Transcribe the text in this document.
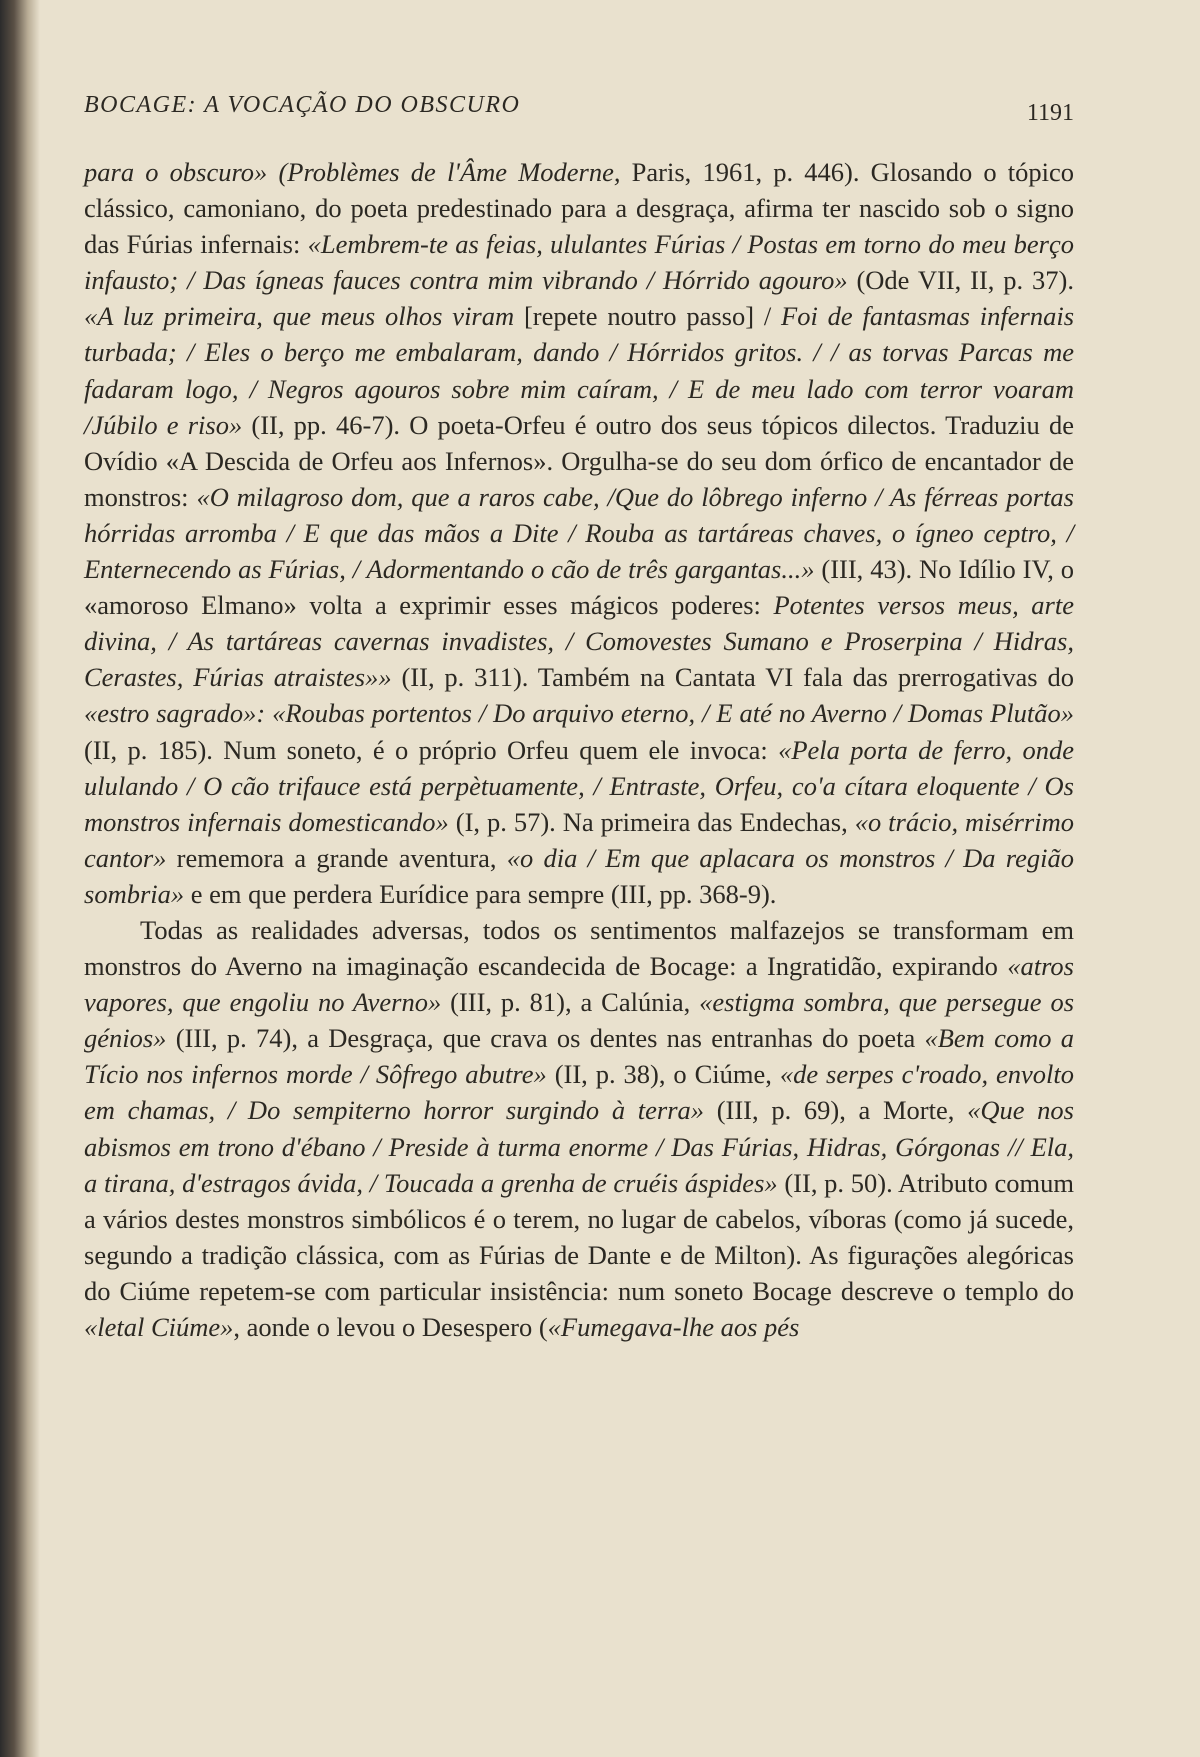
BOCAGE: A VOCAÇÃO DO OBSCURO	1191

para o obscuro» (Problèmes de l'Âme Moderne, Paris, 1961, p. 446). Glosando o tópico clássico, camoniano, do poeta predestinado para a desgraça, afirma ter nascido sob o signo das Fúrias infernais: «Lembrem-te as feias, ululantes Fúrias / Postas em torno do meu berço infausto; / Das ígneas fauces contra mim vibrando / Hórrido agouro» (Ode VII, II, p. 37). «A luz primeira, que meus olhos viram [repete noutro passo] / Foi de fantasmas infernais turbada; / Eles o berço me embalaram, dando / Hórridos gritos. / / as torvas Parcas me fadaram logo, / Negros agouros sobre mim caíram, / E de meu lado com terror voaram /Júbilo e riso» (II, pp. 46-7). O poeta-Orfeu é outro dos seus tópicos dilectos. Traduziu de Ovídio «A Descida de Orfeu aos Infernos». Orgulha-se do seu dom órfico de encantador de monstros: «O milagroso dom, que a raros cabe, /Que do lôbrego inferno / As férreas portas hórridas arromba / E que das mãos a Dite / Rouba as tartáreas chaves, o ígneo ceptro, / Enternecendo as Fúrias, / Adormentando o cão de três gargantas...» (III, 43). No Idílio IV, o «amoroso Elmano» volta a exprimir esses mágicos poderes: Potentes versos meus, arte divina, / As tartáreas cavernas invadistes, / Comovestes Sumano e Proserpina / Hidras, Cerastes, Fúrias atraistes»» (II, p. 311). Também na Cantata VI fala das prerrogativas do «estro sagrado»: «Roubas portentos / Do arquivo eterno, / E até no Averno / Domas Plutão» (II, p. 185). Num soneto, é o próprio Orfeu quem ele invoca: «Pela porta de ferro, onde ululando / O cão trifauce está perpètuamente, / Entraste, Orfeu, co'a cítara eloquente / Os monstros infernais domesticando» (I, p. 57). Na primeira das Endechas, «o trácio, misérrimo cantor» rememora a grande aventura, «o dia / Em que aplacara os monstros / Da região sombria» e em que perdera Eurídice para sempre (III, pp. 368-9).

Todas as realidades adversas, todos os sentimentos malfazejos se transformam em monstros do Averno na imaginação escandecida de Bocage: a Ingratidão, expirando «atros vapores, que engoliu no Averno» (III, p. 81), a Calúnia, «estigma sombra, que persegue os génios» (III, p. 74), a Desgraça, que crava os dentes nas entranhas do poeta «Bem como a Tício nos infernos morde / Sôfrego abutre» (II, p. 38), o Ciúme, «de serpes c'roado, envolto em chamas, / Do sempiterno horror surgindo à terra» (III, p. 69), a Morte, «Que nos abismos em trono d'ébano / Preside à turma enorme / Das Fúrias, Hidras, Górgonas // Ela, a tirana, d'estragos ávida, / Toucada a grenha de cruéis áspides» (II, p. 50). Atributo comum a vários destes monstros simbólicos é o terem, no lugar de cabelos, víboras (como já sucede, segundo a tradição clássica, com as Fúrias de Dante e de Milton). As figurações alegóricas do Ciúme repetem-se com particular insistência: num soneto Bocage descreve o templo do «letal Ciúme», aonde o levou o Desespero («Fumegava-lhe aos pés
